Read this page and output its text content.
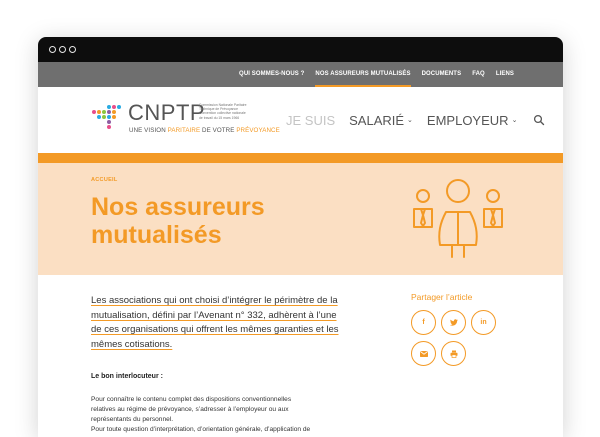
QUI SOMMES-NOUS ? NOS ASSUREURS MUTUALISÉS DOCUMENTS FAQ LIENS
CNPTP
Commission Nationale Paritaire
Technique de Prévoyance
Convention collective nationale
de travail du 15 mars 1966
UNE VISION PARITAIRE DE VOTRE PRÉVOYANCE
JE SUIS SALARIÉ ⌄ EMPLOYEUR ⌄
ACCUEIL
Nos assureurs
mutualisés

Les associations qui ont choisi d’intégrer le périmètre de la mutualisation, défini par l’Avenant n° 332, adhèrent à l’une de ces organisations qui offrent les mêmes garanties et les mêmes cotisations.

Le bon interlocuteur :

Pour connaître le contenu complet des dispositions conventionnelles
relatives au régime de prévoyance, s’adresser à l’employeur ou aux
représentants du personnel.
Pour toute question d’interprétation, d’orientation générale, d’application de
Partager l’article
f	in
